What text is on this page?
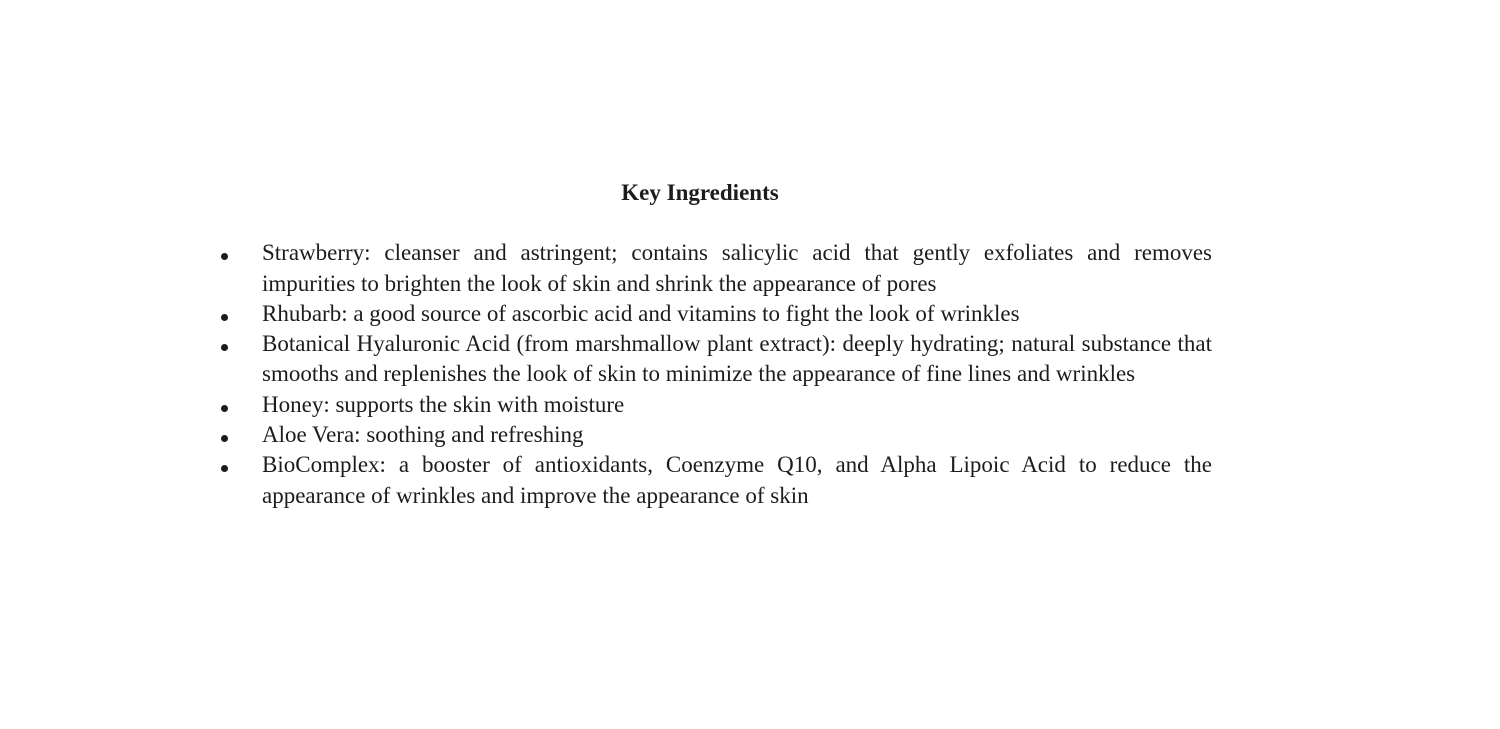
Key Ingredients
Strawberry: cleanser and astringent; contains salicylic acid that gently exfoliates and removes impurities to brighten the look of skin and shrink the appearance of pores
Rhubarb: a good source of ascorbic acid and vitamins to fight the look of wrinkles
Botanical Hyaluronic Acid (from marshmallow plant extract): deeply hydrating; natural substance that smooths and replenishes the look of skin to minimize the appearance of fine lines and wrinkles
Honey: supports the skin with moisture
Aloe Vera: soothing and refreshing
BioComplex: a booster of antioxidants, Coenzyme Q10, and Alpha Lipoic Acid to reduce the appearance of wrinkles and improve the appearance of skin
